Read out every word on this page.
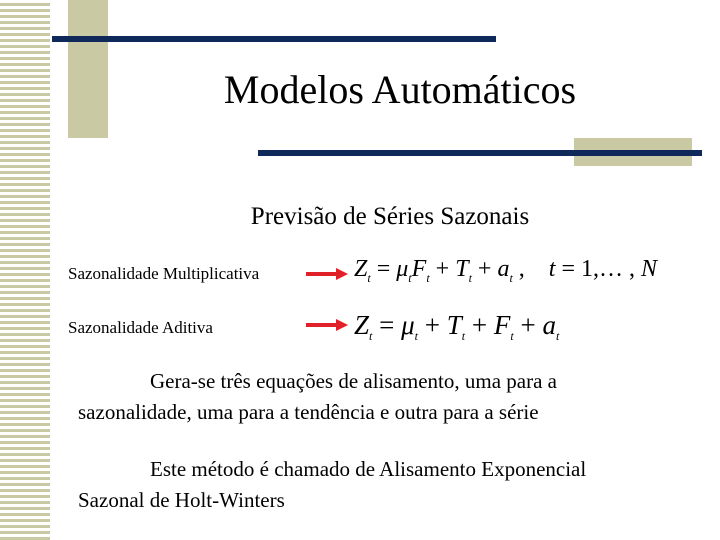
Modelos Automáticos
Previsão de Séries Sazonais
Sazonalidade Multiplicativa	$Z_t = \mu_tF_t + T_t + a_t$ ,    t = 1,… , N
Sazonalidade Aditiva	$Z_t = \mu_t + T_t + F_t + a_t$
Gera-se três equações de alisamento, uma para a
sazonalidade, uma para a tendência e outra para a série
Este método é chamado de Alisamento Exponencial
Sazonal de Holt-Winters
